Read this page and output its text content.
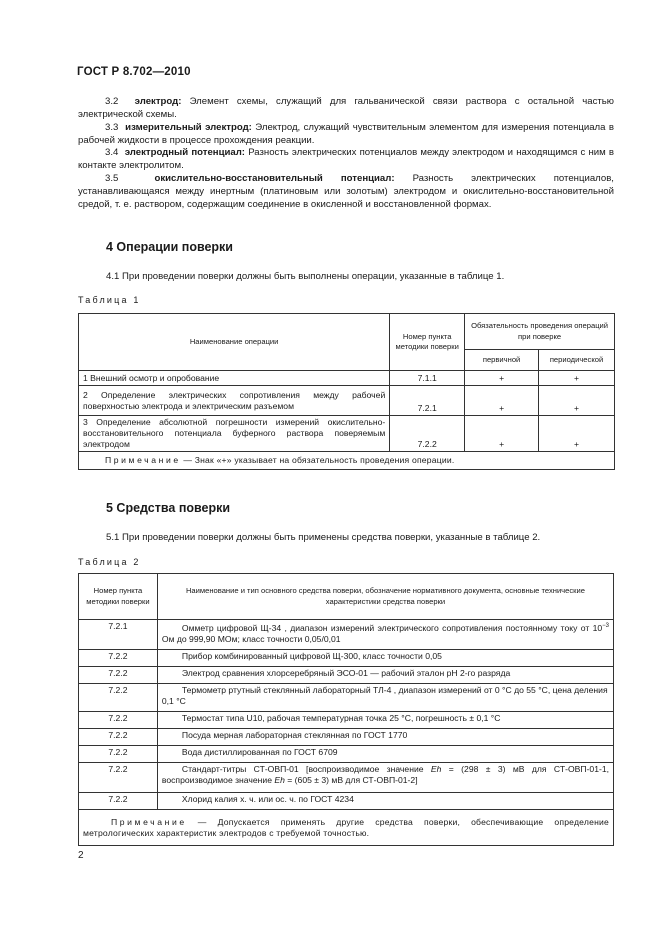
ГОСТ Р 8.702—2010
3.2 электрод: Элемент схемы, служащий для гальванической связи раствора с остальной частью электрической схемы.
3.3 измерительный электрод: Электрод, служащий чувствительным элементом для измерения потенциала в рабочей жидкости в процессе прохождения реакции.
3.4 электродный потенциал: Разность электрических потенциалов между электродом и находящимся с ним в контакте электролитом.
3.5	окислительно-восстановительный потенциал: Разность электрических потенциалов, устанавливающаяся между инертным (платиновым или золотым) электродом и окислительно-восстановительной средой, т. е. раствором, содержащим соединение в окисленной и восстановленной формах.
4 Операции поверки
4.1 При проведении поверки должны быть выполнены операции, указанные в таблице 1.
Таблица 1
Наименование операции	Номер пункта методики поверки	Обязательность проведения операций при поверке	
		первичной	периодической
1 Внешний осмотр и опробование	7.1.1	+	+
2 Определение электрических сопротивления между рабочей поверхностью электрода и электрическим разъемом	7.2.1	+	+
3 Определение абсолютной погрешности измерений окислительно-восстановительного потенциала буферного раствора поверяемым электродом	7.2.2	+	+
Примечание — Знак «+» указывает на обязательность проведения операции.			
5 Средства поверки
5.1 При проведении поверки должны быть применены средства поверки, указанные в таблице 2.
Таблица 2
Номер пункта методики поверки	Наименование и тип основного средства поверки, обозначение нормативного документа, основные технические характеристики средства поверки
7.2.1	Омметр цифровой Щ-34 , диапазон измерений электрического сопротивления постоянному току от $10^{-3}$ Ом до 999,90 МОм; класс точности 0,05/0,01
7.2.2	Прибор комбинированный цифровой Щ-300, класс точности 0,05
7.2.2	Электрод сравнения хлорсеребряный ЭСО-01 — рабочий эталон pH 2-го разряда
7.2.2	Термометр ртутный стеклянный лабораторный ТЛ-4 , диапазон измерений от 0 °С до 55 °С, цена деления 0,1 °С
7.2.2	Термостат типа U10, рабочая температурная точка 25 °С, погрешность ± 0,1 °С
7.2.2	Посуда мерная лабораторная стеклянная по ГОСТ 1770
7.2.2	Вода дистиллированная по ГОСТ 6709
7.2.2	Стандарт-титры СТ-ОВП-01 [воспроизводимое значение Eh = (298 ± 3) мВ для СТ-ОВП-01-1, воспроизводимое значение Eh = (605 ± 3) мВ для СТ-ОВП-01-2]
7.2.2	Хлорид калия х. ч. или ос. ч. по ГОСТ 4234
Примечание — Допускается применять другие средства поверки, обеспечивающие определение метрологических характеристик электродов с требуемой точностью.	
2
